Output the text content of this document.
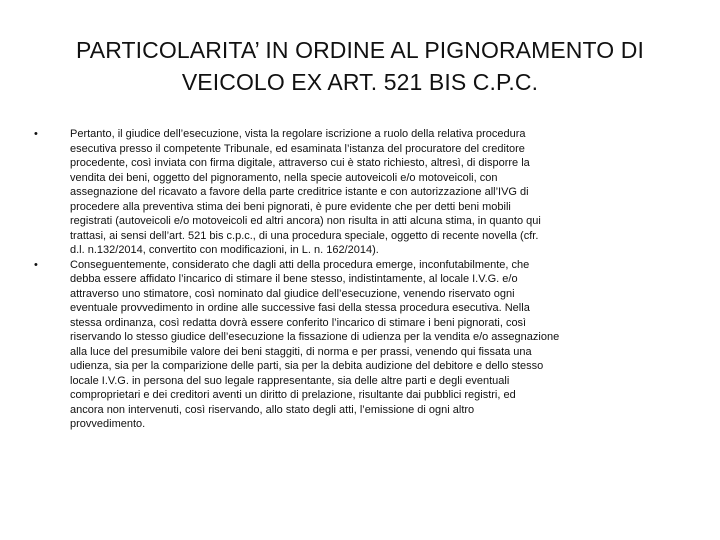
PARTICOLARITA’ IN ORDINE AL PIGNORAMENTO DI
VEICOLO EX ART. 521 BIS C.P.C.
•	Pertanto, il giudice dell’esecuzione, vista la regolare iscrizione a ruolo della relativa procedura
esecutiva presso il competente Tribunale, ed esaminata l’istanza del procuratore del creditore
procedente, così inviata con firma digitale, attraverso cui è stato richiesto, altresì, di disporre la
vendita dei beni, oggetto del pignoramento, nella specie autoveicoli e/o motoveicoli, con
assegnazione del ricavato a favore della parte creditrice istante e con autorizzazione all’IVG di
procedere alla preventiva stima dei beni pignorati, è pure evidente che per detti beni mobili
registrati (autoveicoli e/o motoveicoli ed altri ancora) non risulta in atti alcuna stima, in quanto qui
trattasi, ai sensi dell’art. 521 bis c.p.c., di una procedura speciale, oggetto di recente novella (cfr.
d.l. n.132/2014, convertito con modificazioni, in L. n. 162/2014).
•	Conseguentemente, considerato che dagli atti della procedura emerge, inconfutabilmente, che
debba essere affidato l’incarico di stimare il bene stesso, indistintamente, al locale I.V.G. e/o
attraverso uno stimatore, così nominato dal giudice dell’esecuzione, venendo riservato ogni
eventuale provvedimento in ordine alle successive fasi della stessa procedura esecutiva. Nella
stessa ordinanza, così redatta dovrà essere conferito l’incarico di stimare i beni pignorati, così
riservando lo stesso giudice dell’esecuzione la fissazione di udienza per la vendita e/o assegnazione
alla luce del presumibile valore dei beni staggiti, di norma e per prassi, venendo qui fissata una
udienza, sia per la comparizione delle parti, sia per la debita audizione del debitore e dello stesso
locale I.V.G. in persona del suo legale rappresentante, sia delle altre parti e degli eventuali
comproprietari e dei creditori aventi un diritto di prelazione, risultante dai pubblici registri, ed
ancora non intervenuti, così riservando, allo stato degli atti, l’emissione di ogni altro
provvedimento.
